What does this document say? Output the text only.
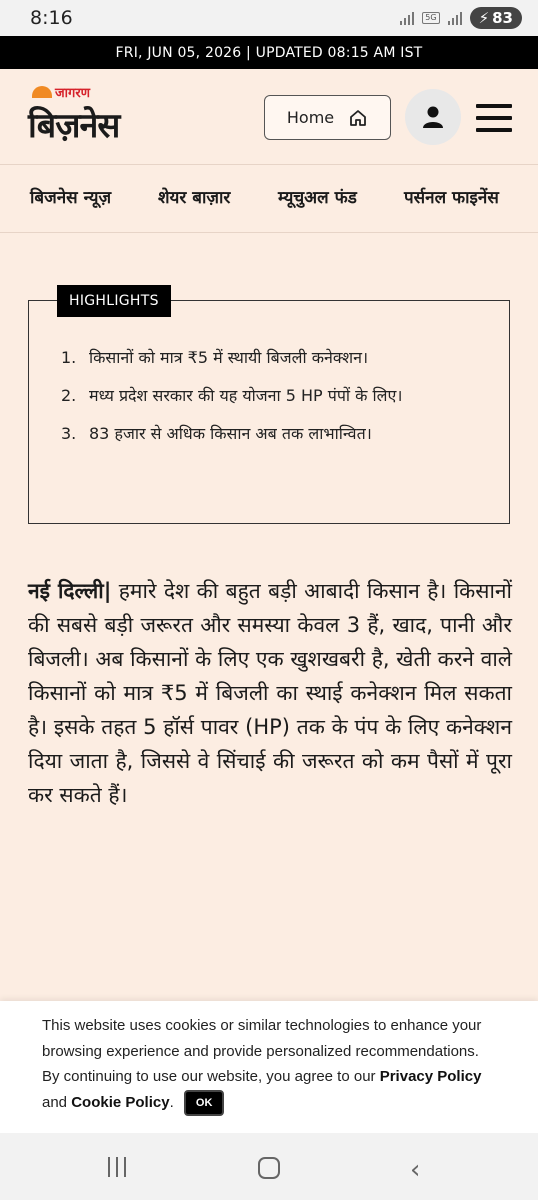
8:16	5G	⚡ 83
FRI, JUN 05, 2026 | UPDATED 08:15 AM IST
जागरण
बिज़नेस	Home
बिजनेस न्यूज़	शेयर बाज़ार	म्यूचुअल फंड	पर्सनल फाइनेंस
HIGHLIGHTS
1. किसानों को मात्र ₹5 में स्थायी बिजली कनेक्शन।
2. मध्य प्रदेश सरकार की यह योजना 5 HP पंपों के लिए।
3. 83 हजार से अधिक किसान अब तक लाभान्वित।
नई दिल्ली| हमारे देश की बहुत बड़ी आबादी किसान है। किसानों की सबसे बड़ी जरूरत और समस्या केवल 3 हैं, खाद, पानी और बिजली। अब किसानों के लिए एक खुशखबरी है, खेती करने वाले किसानों को मात्र ₹5 में बिजली का स्थाई कनेक्शन मिल सकता है। इसके तहत 5 हॉर्स पावर (HP) तक के पंप के लिए कनेक्शन दिया जाता है, जिससे वे सिंचाई की जरूरत को कम पैसों में पूरा कर सकते हैं।
This website uses cookies or similar technologies to enhance your browsing experience and provide personalized recommendations. By continuing to use our website, you agree to our Privacy Policy and Cookie Policy. OK
‹
